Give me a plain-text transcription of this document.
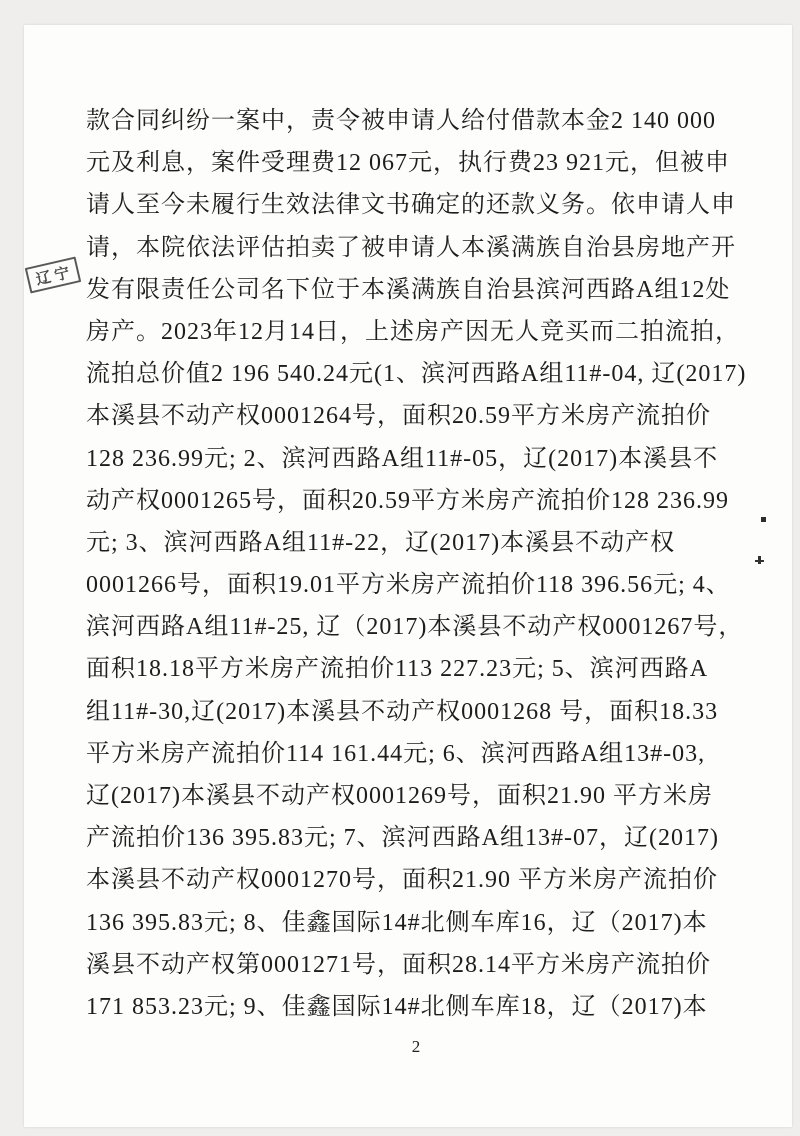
辽宁
款合同纠纷一案中，责令被申请人给付借款本金2 140 000
元及利息，案件受理费12 067元，执行费23 921元，但被申
请人至今未履行生效法律文书确定的还款义务。依申请人申
请，本院依法评估拍卖了被申请人本溪满族自治县房地产开
发有限责任公司名下位于本溪满族自治县滨河西路A组12处
房产。2023年12月14日，上述房产因无人竞买而二拍流拍，
流拍总价值2 196 540.24元(1、滨河西路A组11#-04, 辽(2017)
本溪县不动产权0001264号，面积20.59平方米房产流拍价
128 236.99元; 2、滨河西路A组11#-05，辽(2017)本溪县不
动产权0001265号，面积20.59平方米房产流拍价128 236.99
元; 3、滨河西路A组11#-22，辽(2017)本溪县不动产权
0001266号，面积19.01平方米房产流拍价118 396.56元; 4、
滨河西路A组11#-25, 辽（2017)本溪县不动产权0001267号，
面积18.18平方米房产流拍价113 227.23元; 5、滨河西路A
组11#-30,辽(2017)本溪县不动产权0001268 号，面积18.33
平方米房产流拍价114 161.44元; 6、滨河西路A组13#-03,
辽(2017)本溪县不动产权0001269号，面积21.90 平方米房
产流拍价136 395.83元; 7、滨河西路A组13#-07，辽(2017)
本溪县不动产权0001270号，面积21.90 平方米房产流拍价
136 395.83元; 8、佳鑫国际14#北侧车库16，辽（2017)本
溪县不动产权第0001271号，面积28.14平方米房产流拍价
171 853.23元; 9、佳鑫国际14#北侧车库18，辽（2017)本
2
